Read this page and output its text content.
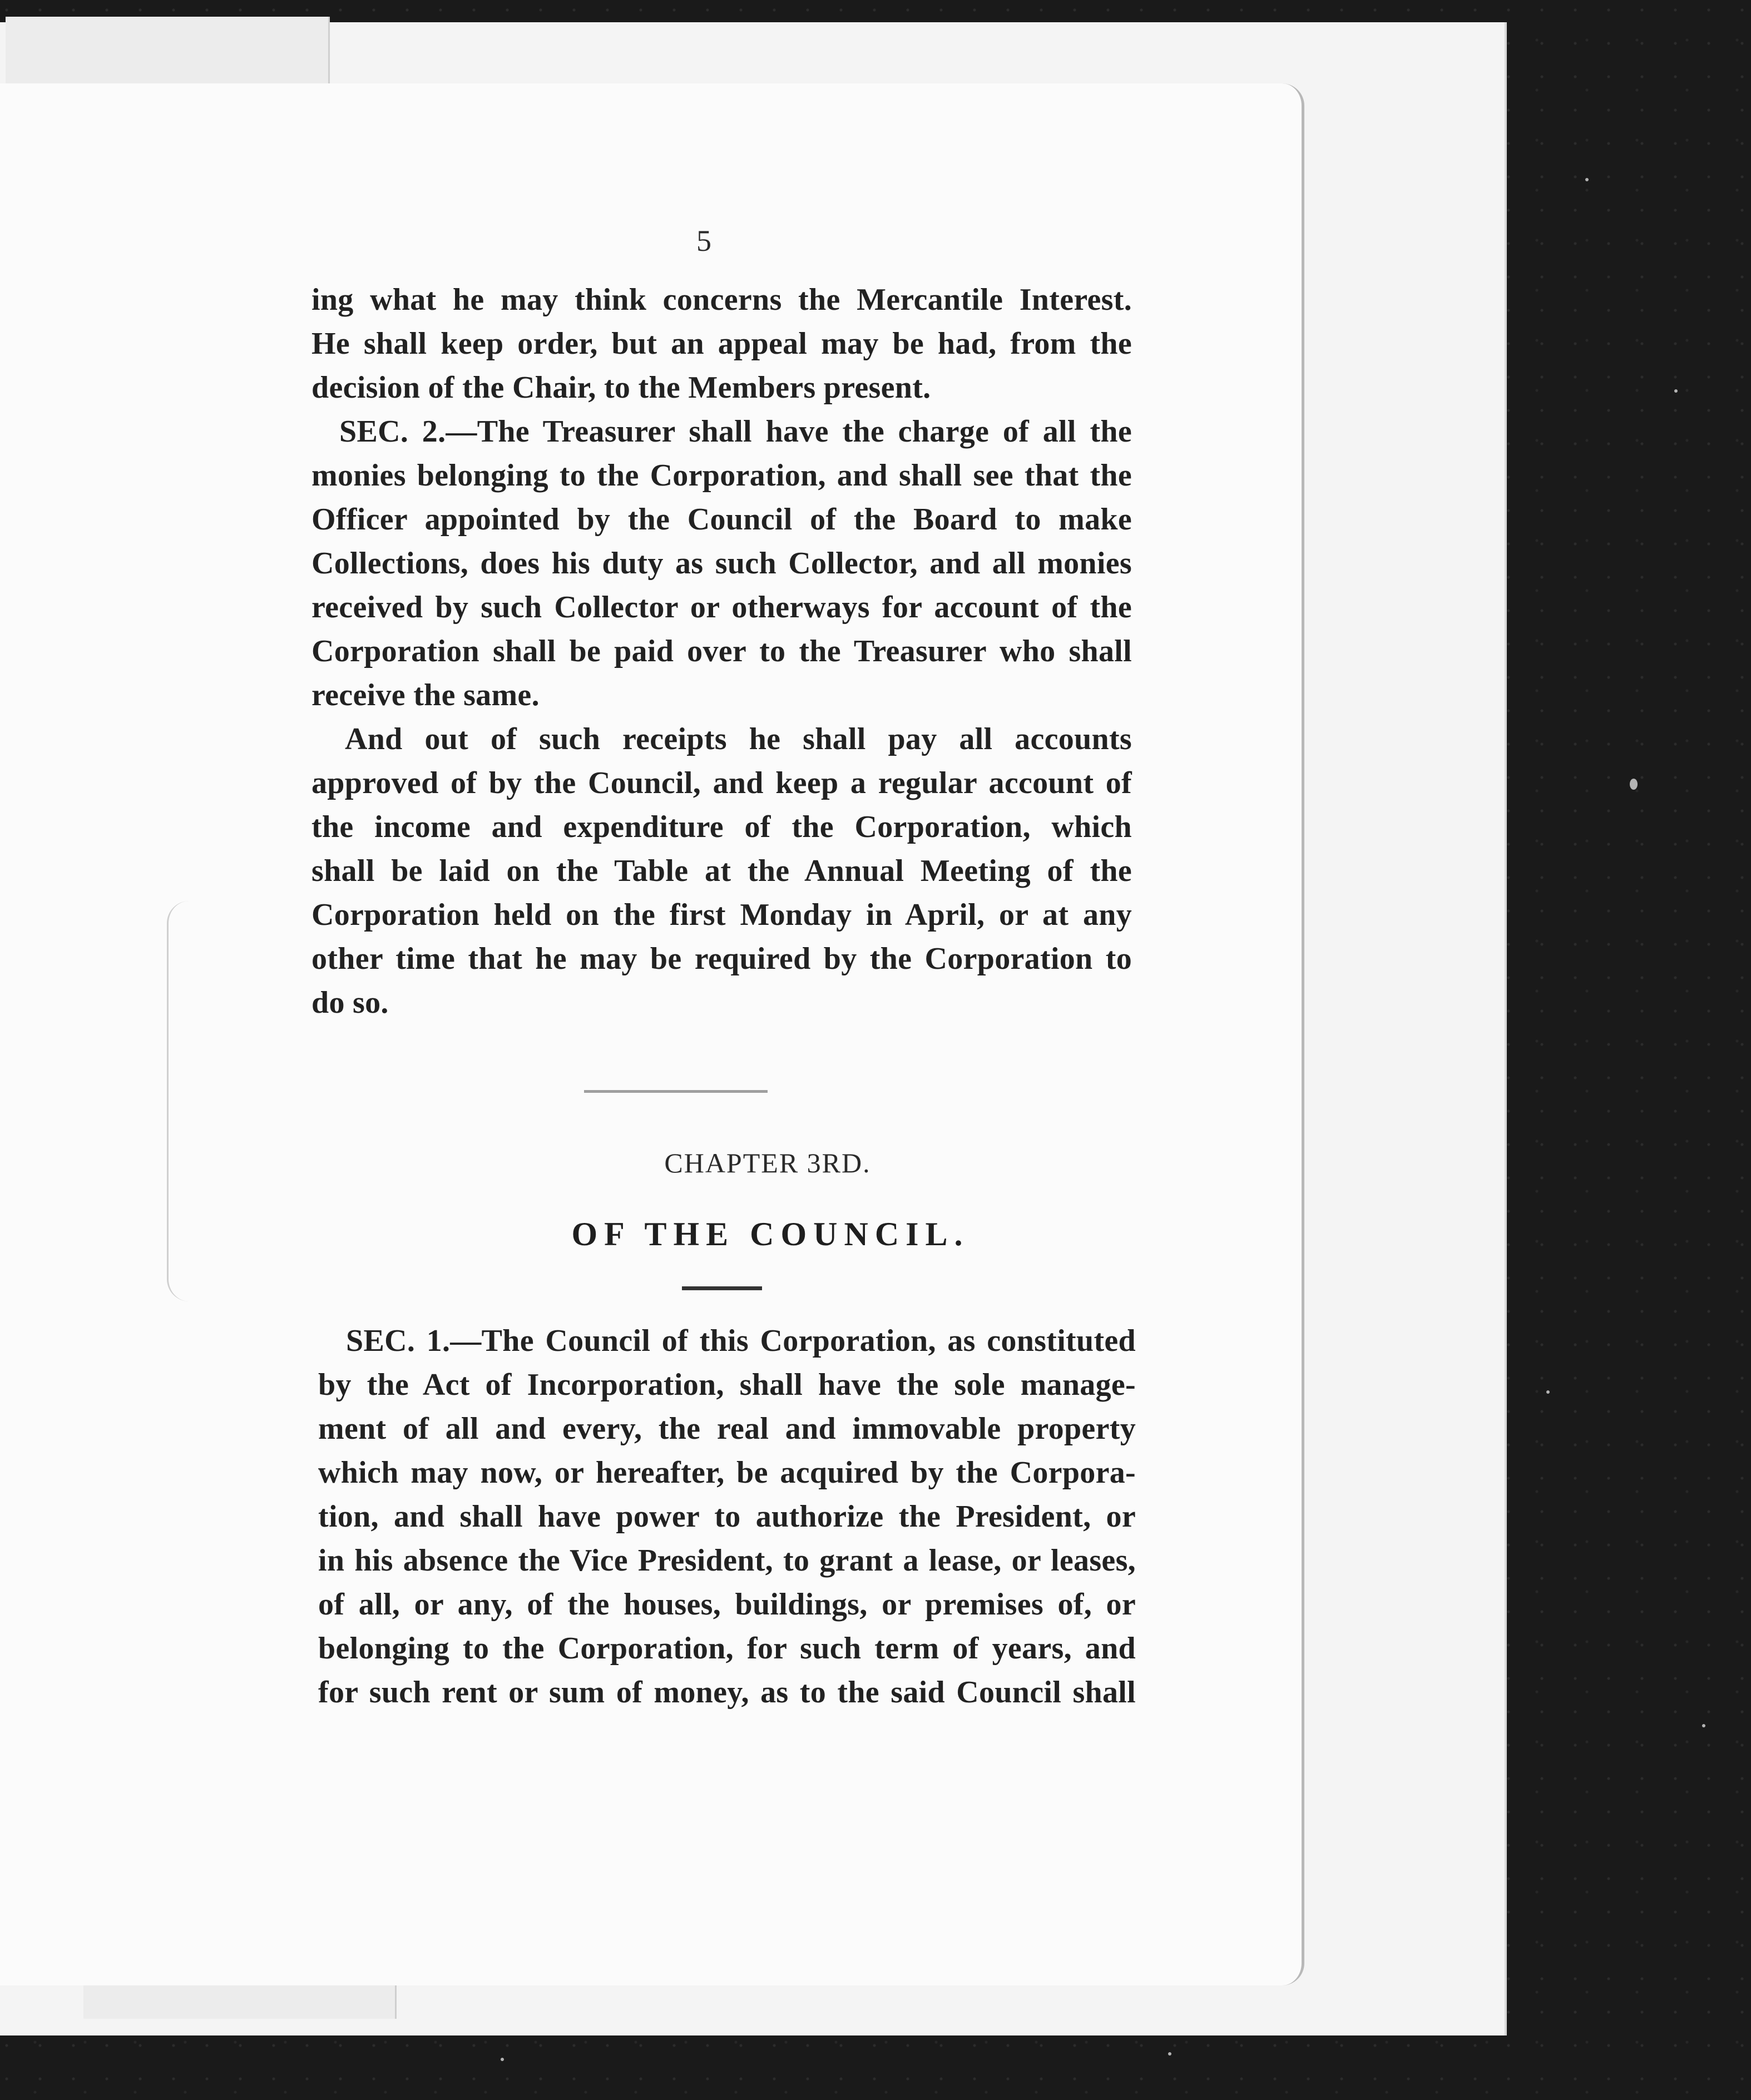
5
ing what he may think concerns the Mercantile Interest.
He shall keep order, but an appeal may be had, from the
decision of the Chair, to the Members present.
SEC. 2.—The Treasurer shall have the charge of all the
monies belonging to the Corporation, and shall see that the
Officer appointed by the Council of the Board to make
Collections, does his duty as such Collector, and all monies
received by such Collector or otherways for account of the
Corporation shall be paid over to the Treasurer who shall
receive the same.
And out of such receipts he shall pay all accounts
approved of by the Council, and keep a regular account of
the income and expenditure of the Corporation, which
shall be laid on the Table at the Annual Meeting of the
Corporation held on the first Monday in April, or at any
other time that he may be required by the Corporation to
do so.
CHAPTER 3RD.
OF THE COUNCIL.
SEC. 1.—The Council of this Corporation, as constituted
by the Act of Incorporation, shall have the sole manage-
ment of all and every, the real and immovable property
which may now, or hereafter, be acquired by the Corpora-
tion, and shall have power to authorize the President, or
in his absence the Vice President, to grant a lease, or leases,
of all, or any, of the houses, buildings, or premises of, or
belonging to the Corporation, for such term of years, and
for such rent or sum of money, as to the said Council shall
